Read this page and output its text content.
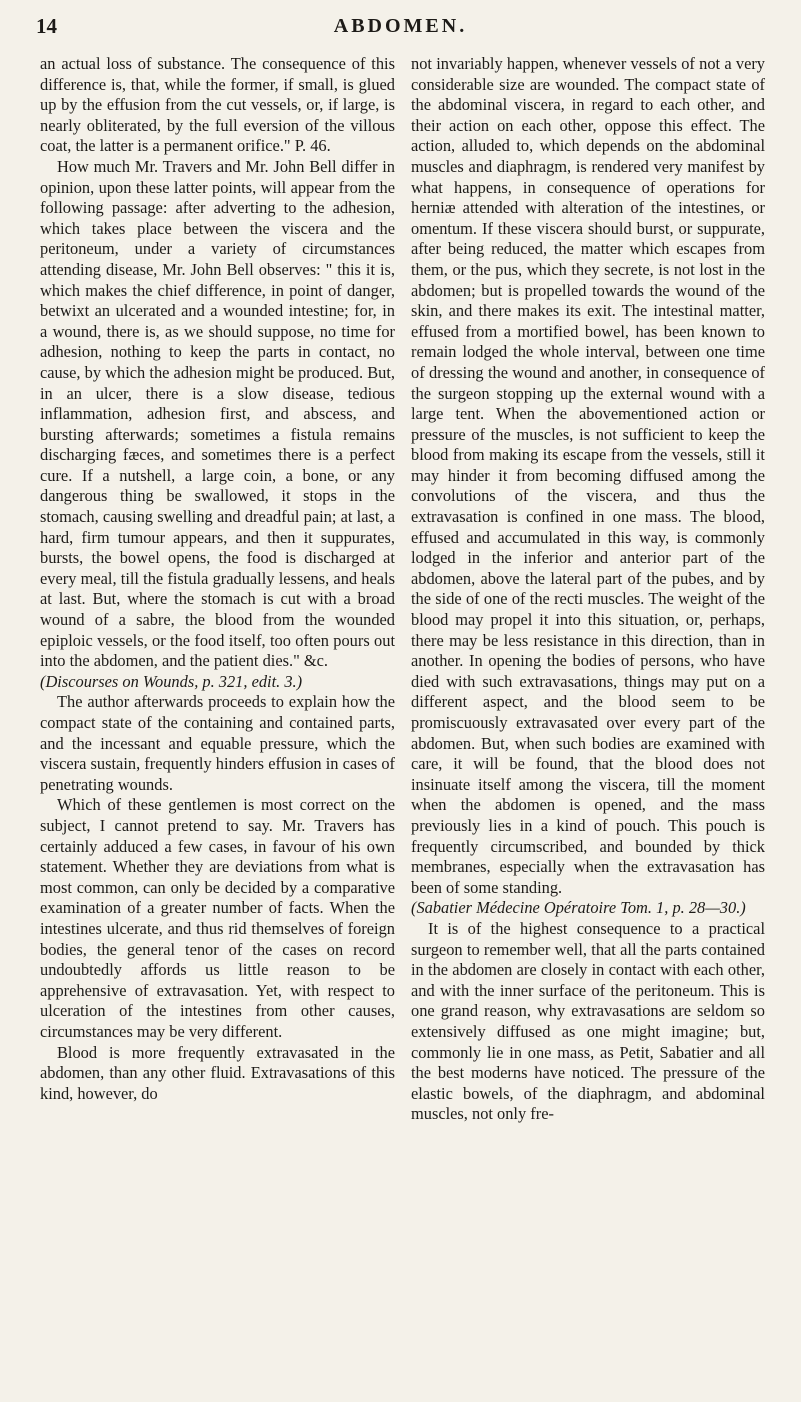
14	ABDOMEN.

an actual loss of substance. The consequence of this difference is, that, while the former, if small, is glued up by the effusion from the cut vessels, or, if large, is nearly obliterated, by the full eversion of the villous coat, the latter is a permanent orifice." P. 46.

How much Mr. Travers and Mr. John Bell differ in opinion, upon these latter points, will appear from the following passage: after adverting to the adhesion, which takes place between the viscera and the peritoneum, under a variety of circumstances attending disease, Mr. John Bell observes: " this it is, which makes the chief difference, in point of danger, betwixt an ulcerated and a wounded intestine; for, in a wound, there is, as we should suppose, no time for adhesion, nothing to keep the parts in contact, no cause, by which the adhesion might be produced. But, in an ulcer, there is a slow disease, tedious inflammation, adhesion first, and abscess, and bursting afterwards; sometimes a fistula remains discharging fæces, and sometimes there is a perfect cure. If a nutshell, a large coin, a bone, or any dangerous thing be swallowed, it stops in the stomach, causing swelling and dreadful pain; at last, a hard, firm tumour appears, and then it suppurates, bursts, the bowel opens, the food is discharged at every meal, till the fistula gradually lessens, and heals at last. But, where the stomach is cut with a broad wound of a sabre, the blood from the wounded epiploic vessels, or the food itself, too often pours out into the abdomen, and the patient dies." &c.

(Discourses on Wounds, p. 321, edit. 3.)

The author afterwards proceeds to explain how the compact state of the containing and contained parts, and the incessant and equable pressure, which the viscera sustain, frequently hinders effusion in cases of penetrating wounds.

Which of these gentlemen is most correct on the subject, I cannot pretend to say. Mr. Travers has certainly adduced a few cases, in favour of his own statement. Whether they are deviations from what is most common, can only be decided by a comparative examination of a greater number of facts. When the intestines ulcerate, and thus rid themselves of foreign bodies, the general tenor of the cases on record undoubtedly affords us little reason to be apprehensive of extravasation. Yet, with respect to ulceration of the intestines from other causes, circumstances may be very different.

Blood is more frequently extravasated in the abdomen, than any other fluid. Extravasations of this kind, however, do

not invariably happen, whenever vessels of not a very considerable size are wounded. The compact state of the abdominal viscera, in regard to each other, and their action on each other, oppose this effect. The action, alluded to, which depends on the abdominal muscles and diaphragm, is rendered very manifest by what happens, in consequence of operations for herniæ attended with alteration of the intestines, or omentum. If these viscera should burst, or suppurate, after being reduced, the matter which escapes from them, or the pus, which they secrete, is not lost in the abdomen; but is propelled towards the wound of the skin, and there makes its exit. The intestinal matter, effused from a mortified bowel, has been known to remain lodged the whole interval, between one time of dressing the wound and another, in consequence of the surgeon stopping up the external wound with a large tent. When the abovementioned action or pressure of the muscles, is not sufficient to keep the blood from making its escape from the vessels, still it may hinder it from becoming diffused among the convolutions of the viscera, and thus the extravasation is confined in one mass. The blood, effused and accumulated in this way, is commonly lodged in the inferior and anterior part of the abdomen, above the lateral part of the pubes, and by the side of one of the recti muscles. The weight of the blood may propel it into this situation, or, perhaps, there may be less resistance in this direction, than in another. In opening the bodies of persons, who have died with such extravasations, things may put on a different aspect, and the blood seem to be promiscuously extravasated over every part of the abdomen. But, when such bodies are examined with care, it will be found, that the blood does not insinuate itself among the viscera, till the moment when the abdomen is opened, and the mass previously lies in a kind of pouch. This pouch is frequently circumscribed, and bounded by thick membranes, especially when the extravasation has been of some standing.

(Sabatier Médecine Opératoire Tom. 1, p. 28—30.)

It is of the highest consequence to a practical surgeon to remember well, that all the parts contained in the abdomen are closely in contact with each other, and with the inner surface of the peritoneum. This is one grand reason, why extravasations are seldom so extensively diffused as one might imagine; but, commonly lie in one mass, as Petit, Sabatier and all the best moderns have noticed. The pressure of the elastic bowels, of the diaphragm, and abdominal muscles, not only fre-
